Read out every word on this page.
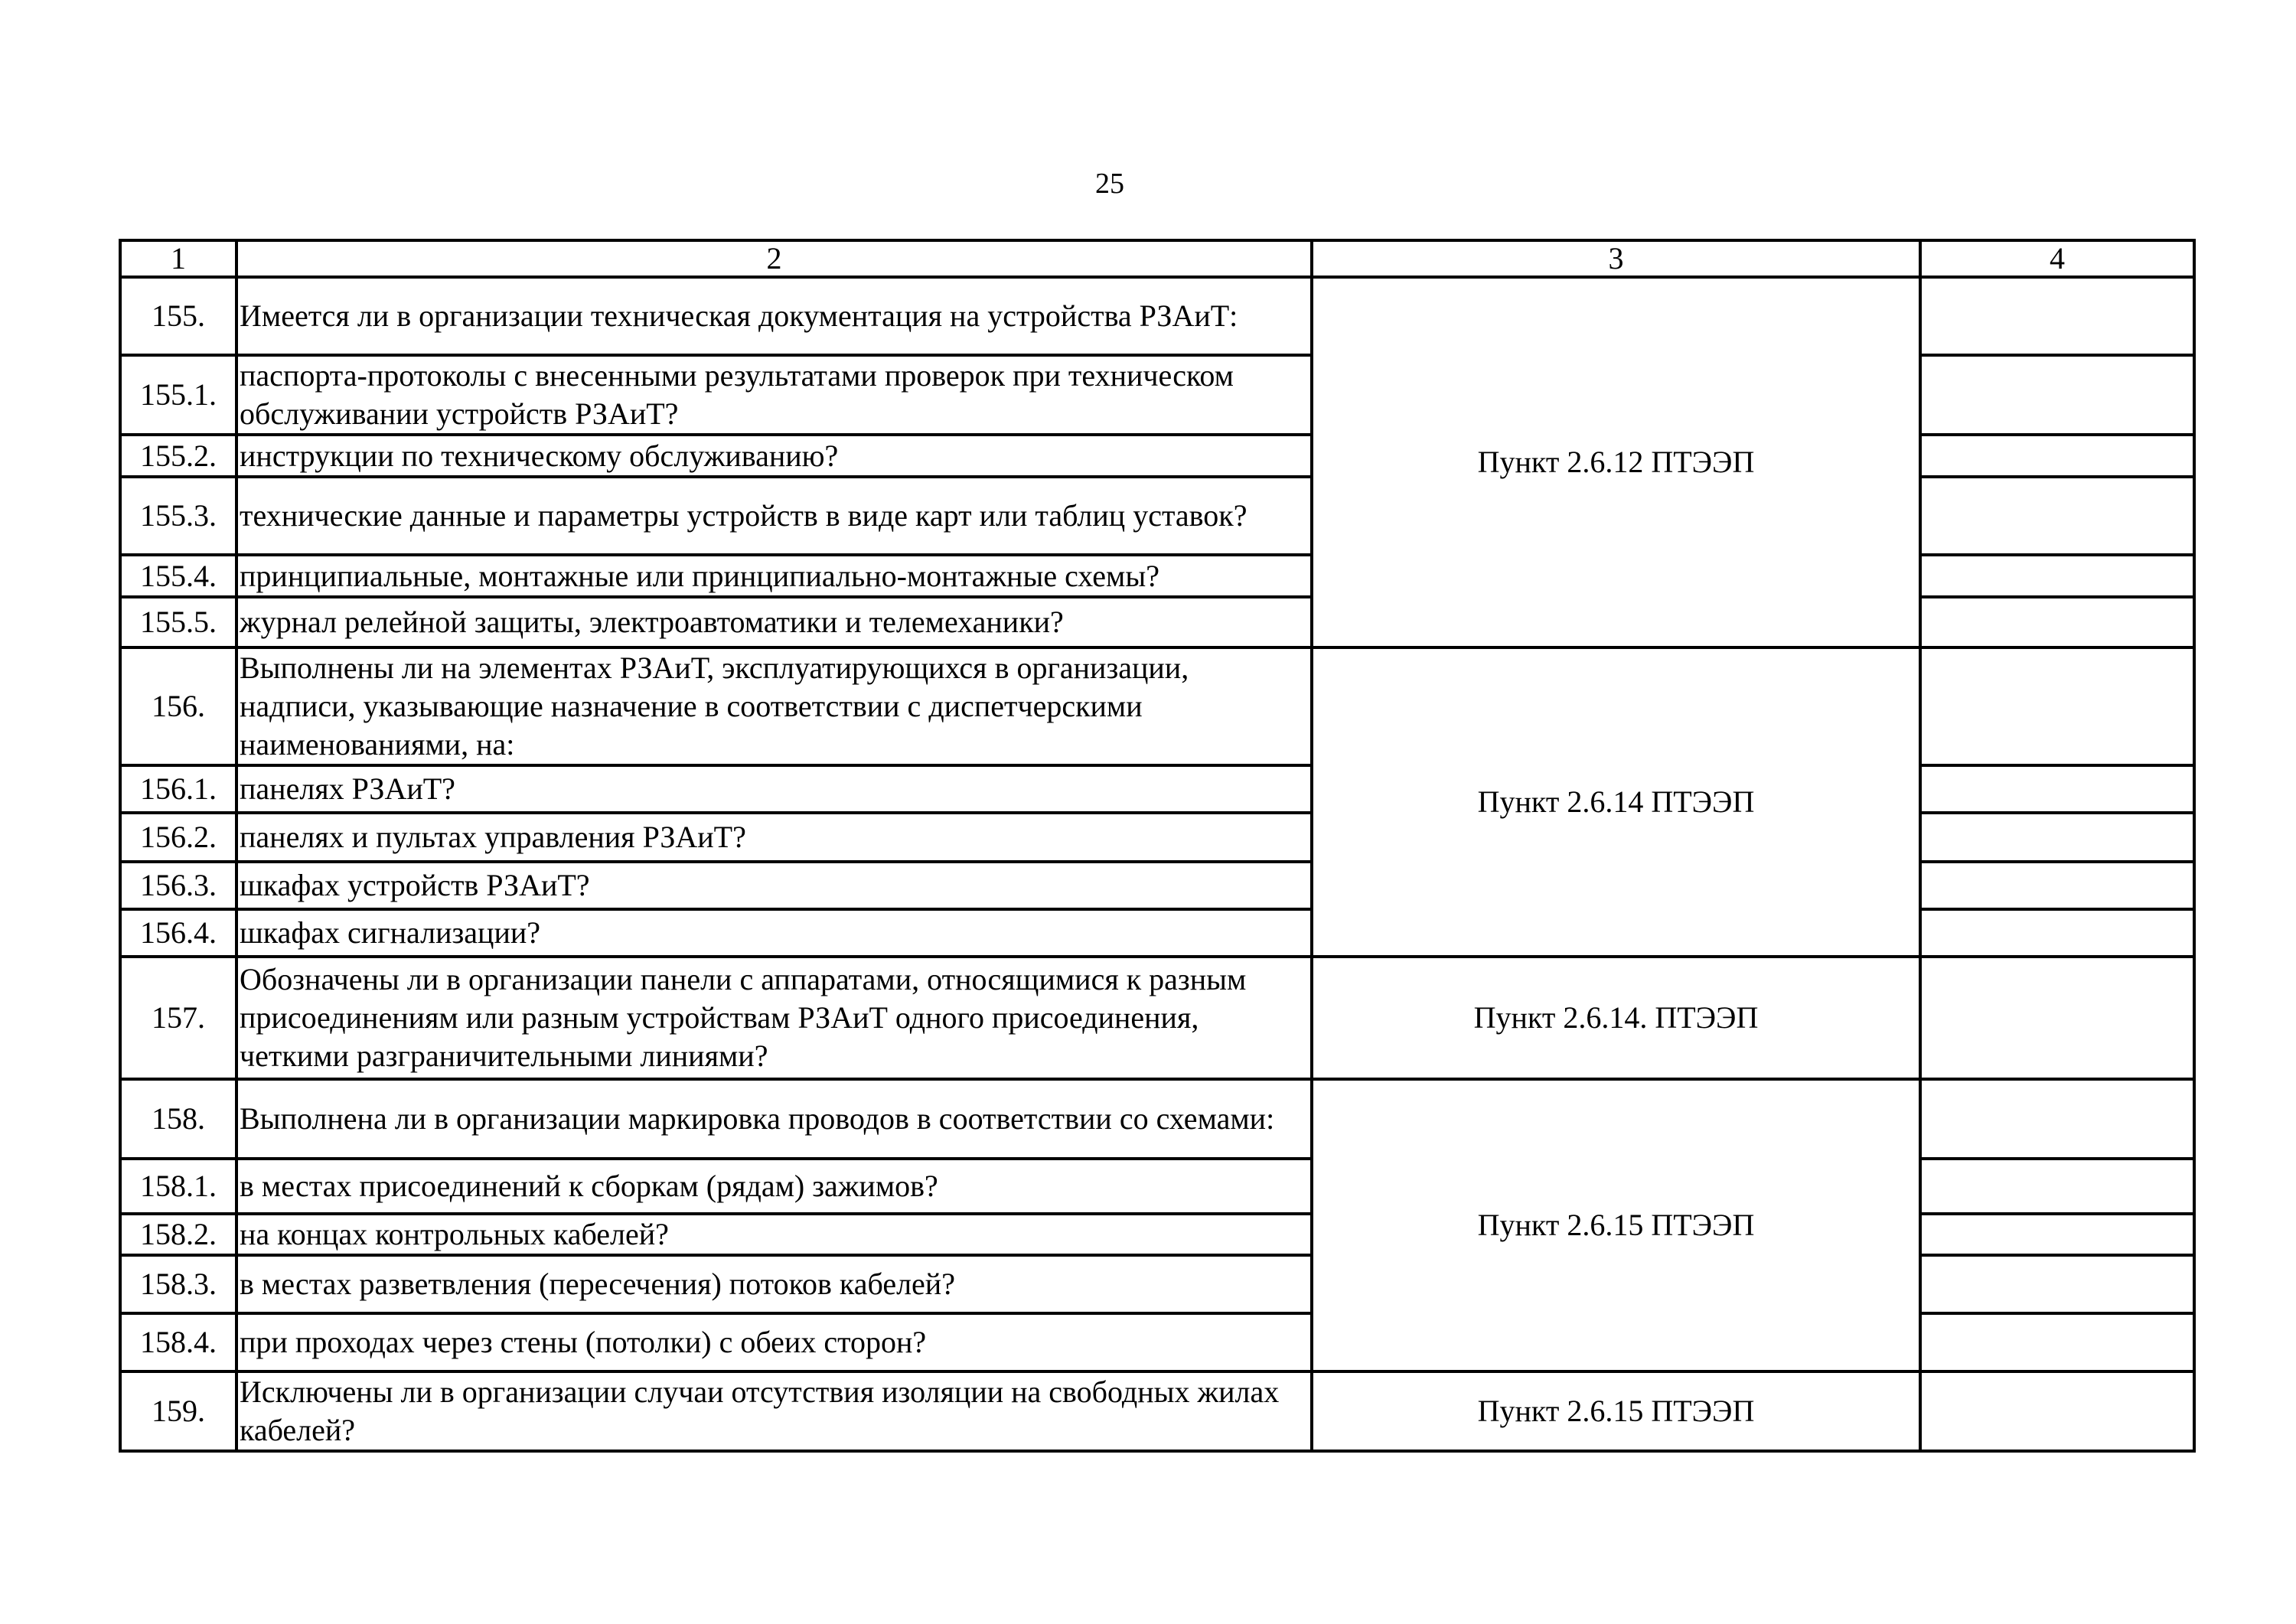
25
1	2	3	4
155.	Имеется ли в организации техническая документация на устройства РЗАиТ:	Пункт 2.6.12 ПТЭЭП	
155.1.	паспорта-протоколы с внесенными результатами проверок при техническом обслуживании устройств РЗАиТ?		
155.2.	инструкции по техническому обслуживанию?		
155.3.	технические данные и параметры устройств в виде карт или таблиц уставок?		
155.4.	принципиальные, монтажные или принципиально-монтажные схемы?		
155.5.	журнал релейной защиты, электроавтоматики и телемеханики?		
156.	Выполнены ли на элементах РЗАиТ, эксплуатирующихся в организации, надписи, указывающие назначение в соответствии с диспетчерскими наименованиями, на:	Пункт 2.6.14 ПТЭЭП	
156.1.	панелях РЗАиТ?		
156.2.	панелях и пультах управления РЗАиТ?		
156.3.	шкафах устройств РЗАиТ?		
156.4.	шкафах сигнализации?		
157.	Обозначены ли в организации панели с аппаратами, относящимися к разным присоединениям или разным устройствам РЗАиТ одного присоединения, четкими разграничительными линиями?	Пункт 2.6.14. ПТЭЭП	
158.	Выполнена ли в организации маркировка проводов в соответствии со схемами:	Пункт 2.6.15 ПТЭЭП	
158.1.	в местах присоединений к сборкам (рядам) зажимов?		
158.2.	на концах контрольных кабелей?		
158.3.	в местах разветвления (пересечения) потоков кабелей?		
158.4.	при проходах через стены (потолки) с обеих сторон?		
159.	Исключены ли в организации случаи отсутствия изоляции на свободных жилах кабелей?	Пункт 2.6.15 ПТЭЭП	
